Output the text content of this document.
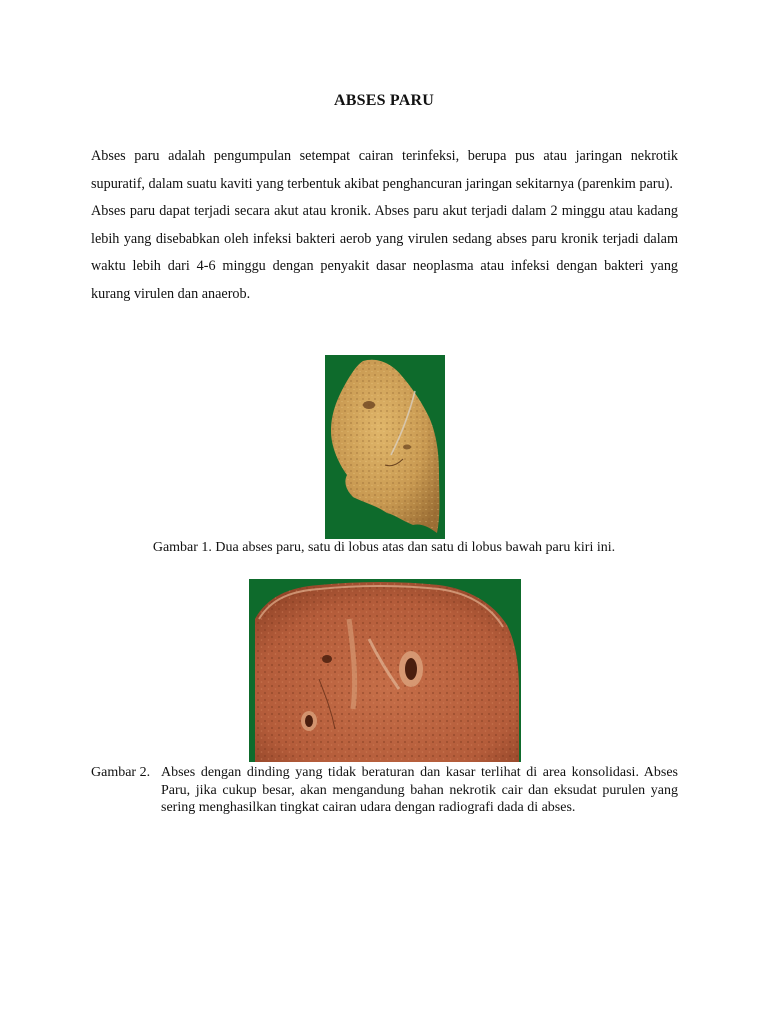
ABSES PARU

Abses paru adalah pengumpulan setempat cairan terinfeksi, berupa pus atau jaringan nekrotik supuratif, dalam suatu kaviti yang terbentuk akibat penghancuran jaringan sekitarnya (parenkim paru).

Abses paru dapat terjadi secara akut atau kronik. Abses paru akut terjadi dalam 2 minggu atau kadang lebih yang disebabkan oleh infeksi bakteri aerob yang virulen sedang abses paru kronik terjadi dalam waktu lebih dari 4-6 minggu dengan penyakit dasar neoplasma atau infeksi dengan bakteri yang kurang virulen dan anaerob.

Gambar 1. Dua abses paru, satu di lobus atas dan satu di lobus bawah paru kiri ini.
Gambar 2. Abses dengan dinding yang tidak beraturan dan kasar terlihat di area konsolidasi. Abses Paru, jika cukup besar, akan mengandung bahan nekrotik cair dan eksudat purulen yang sering menghasilkan tingkat cairan udara dengan radiografi dada di abses.
